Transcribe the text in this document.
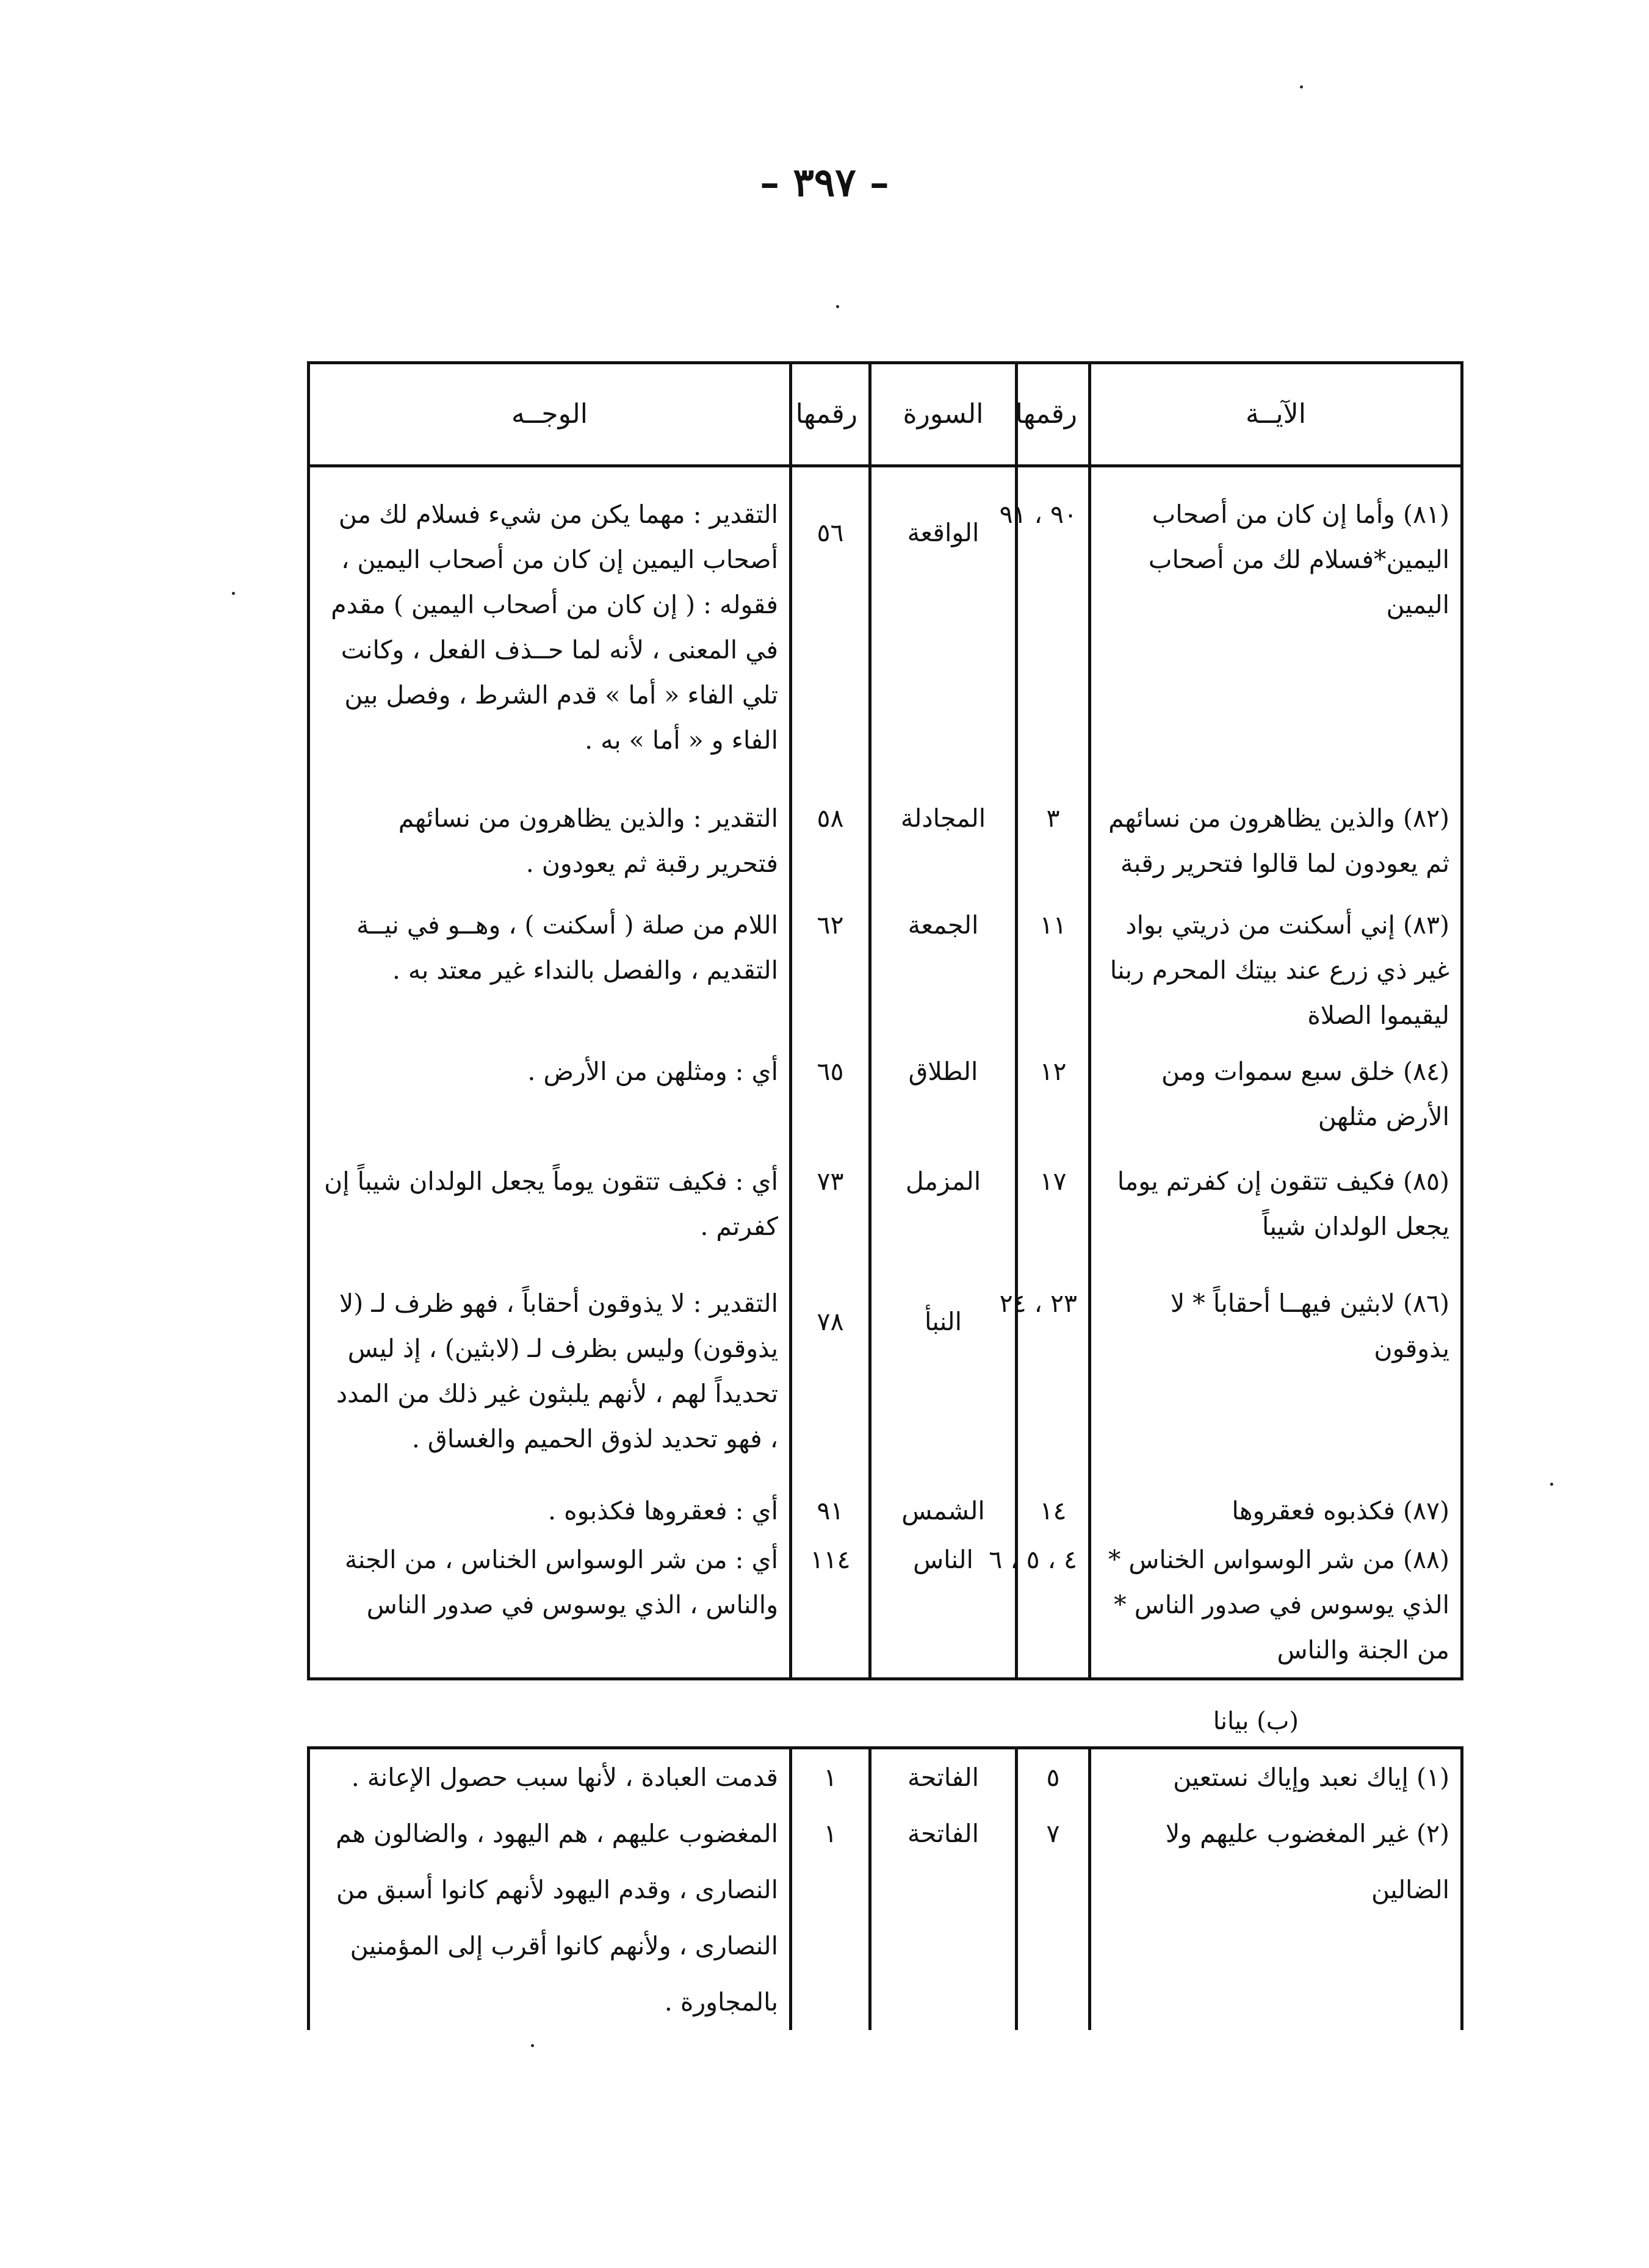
– ٣٩٧ –
الآيــة	رقمها	السورة	رقمها	الوجــه
(٨١) وأما إن كان من أصحاب اليمين*فسلام لك من أصحاب اليمين	٩٠ ، ٩١	الواقعة	٥٦	التقدير : مهما يكن من شيء فسلام لك من أصحاب اليمين إن كان من أصحاب اليمين ، فقوله : ( إن كان من أصحاب اليمين ) مقدم في المعنى ، لأنه لما حــذف الفعل ، وكانت تلي الفاء « أما » قدم الشرط ، وفصل بين الفاء و « أما » به .
(٨٢) والذين يظاهرون من نسائهم ثم يعودون لما قالوا فتحرير رقبة	٣	المجادلة	٥٨	التقدير : والذين يظاهرون من نسائهم فتحرير رقبة ثم يعودون .
(٨٣) إني أسكنت من ذريتي بواد غير ذي زرع عند بيتك المحرم ربنا ليقيموا الصلاة	١١	الجمعة	٦٢	اللام من صلة ( أسكنت ) ، وهــو في نيــة التقديم ، والفصل بالنداء غير معتد به .
(٨٤) خلق سبع سموات ومن الأرض مثلهن	١٢	الطلاق	٦٥	أي : ومثلهن من الأرض .
(٨٥) فكيف تتقون إن كفرتم يوما يجعل الولدان شيباً	١٧	المزمل	٧٣	أي : فكيف تتقون يوماً يجعل الولدان شيباً إن كفرتم .
(٨٦) لابثين فيهــا أحقاباً * لا يذوقون	٢٣ ، ٢٤	النبأ	٧٨	التقدير : لا يذوقون أحقاباً ، فهو ظرف لـ (لا يذوقون) وليس بظرف لـ (لابثين) ، إذ ليس تحديداً لهم ، لأنهم يلبثون غير ذلك من المدد ، فهو تحديد لذوق الحميم والغساق .
(٨٧) فكذبوه فعقروها	١٤	الشمس	٩١	أي : فعقروها فكذبوه .
(٨٨) من شر الوسواس الخناس * الذي يوسوس في صدور الناس * من الجنة والناس	٤ ، ٥ ، ٦	الناس	١١٤	أي : من شر الوسواس الخناس ، من الجنة والناس ، الذي يوسوس في صدور الناس

(ب) بيانا
(١) إياك نعبد وإياك نستعين	٥	الفاتحة	١	قدمت العبادة ، لأنها سبب حصول الإعانة .
(٢) غير المغضوب عليهم ولا الضالين	٧	الفاتحة	١	المغضوب عليهم ، هم اليهود ، والضالون هم النصارى ، وقدم اليهود لأنهم كانوا أسبق من النصارى ، ولأنهم كانوا أقرب إلى المؤمنين بالمجاورة .
